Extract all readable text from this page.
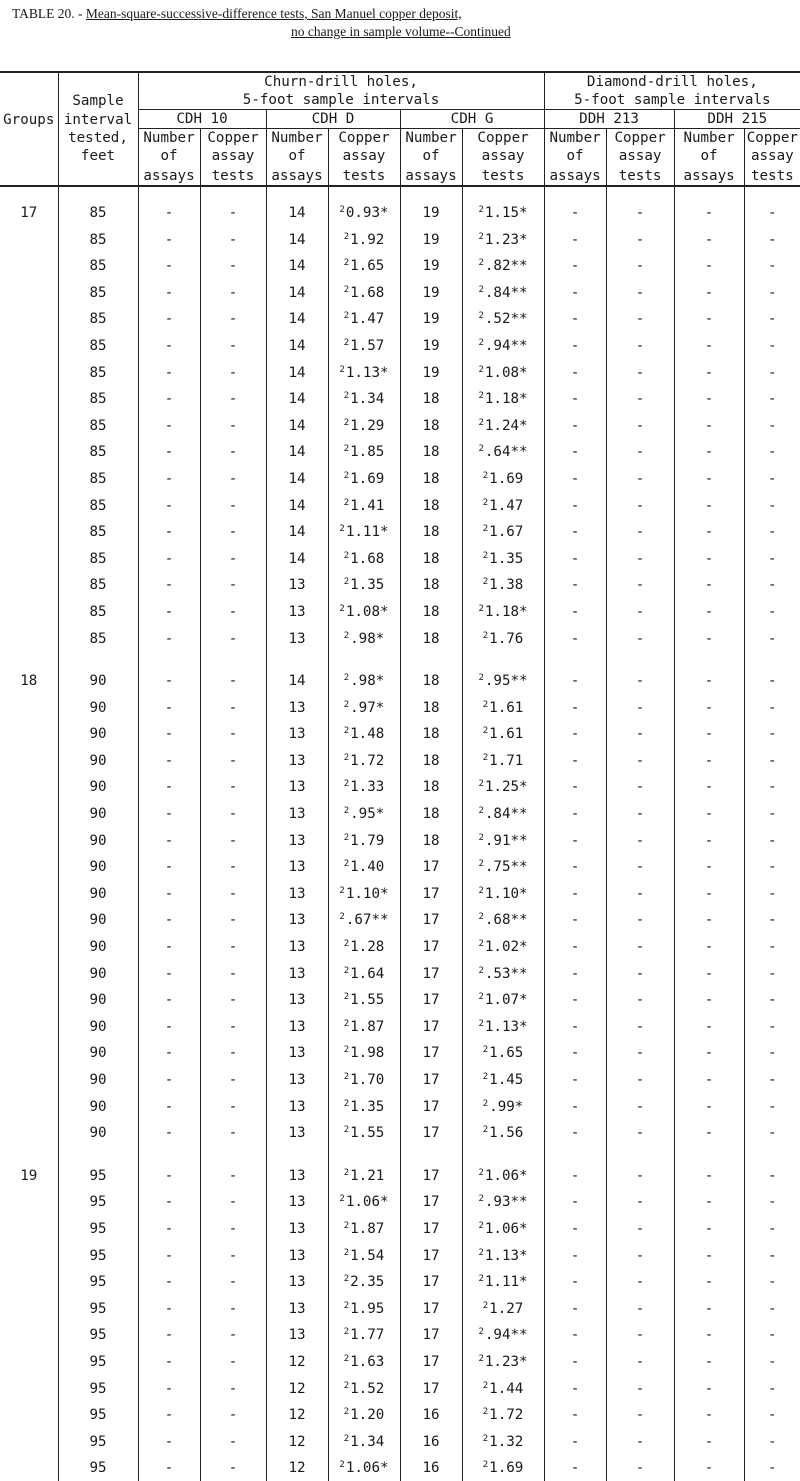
TABLE 20. - Mean-square-successive-difference tests, San Manuel copper deposit,
no change in sample volume--Continued
		Churn-drill holes,						Diamond-drill holes,			
	Sample	5-foot sample intervals						5-foot sample intervals			
Groups	interval	CDH 10		CDH D		CDH G		DDH 213		DDH 215	
	tested,	Number	Copper	Number	Copper	Number	Copper	Number	Copper	Number	Copper
	feet	of	assay	of	assay	of	assay	of	assay	of	assay
		assays	tests	assays	tests	assays	tests	assays	tests	assays	tests

17	85	-	-	14	$^2$0.93*	19	$^2$1.15*	-	-	-	-
	85	-	-	14	$^2$1.92	19	$^2$1.23*	-	-	-	-
	85	-	-	14	$^2$1.65	19	$^2$.82**	-	-	-	-
	85	-	-	14	$^2$1.68	19	$^2$.84**	-	-	-	-
	85	-	-	14	$^2$1.47	19	$^2$.52**	-	-	-	-
	85	-	-	14	$^2$1.57	19	$^2$.94**	-	-	-	-
	85	-	-	14	$^2$1.13*	19	$^2$1.08*	-	-	-	-
	85	-	-	14	$^2$1.34	18	$^2$1.18*	-	-	-	-
	85	-	-	14	$^2$1.29	18	$^2$1.24*	-	-	-	-
	85	-	-	14	$^2$1.85	18	$^2$.64**	-	-	-	-
	85	-	-	14	$^2$1.69	18	$^2$1.69	-	-	-	-
	85	-	-	14	$^2$1.41	18	$^2$1.47	-	-	-	-
	85	-	-	14	$^2$1.11*	18	$^2$1.67	-	-	-	-
	85	-	-	14	$^2$1.68	18	$^2$1.35	-	-	-	-
	85	-	-	13	$^2$1.35	18	$^2$1.38	-	-	-	-
	85	-	-	13	$^2$1.08*	18	$^2$1.18*	-	-	-	-
	85	-	-	13	$^2$.98*	18	$^2$1.76	-	-	-	-

18	90	-	-	14	$^2$.98*	18	$^2$.95**	-	-	-	-
	90	-	-	13	$^2$.97*	18	$^2$1.61	-	-	-	-
	90	-	-	13	$^2$1.48	18	$^2$1.61	-	-	-	-
	90	-	-	13	$^2$1.72	18	$^2$1.71	-	-	-	-
	90	-	-	13	$^2$1.33	18	$^2$1.25*	-	-	-	-
	90	-	-	13	$^2$.95*	18	$^2$.84**	-	-	-	-
	90	-	-	13	$^2$1.79	18	$^2$.91**	-	-	-	-
	90	-	-	13	$^2$1.40	17	$^2$.75**	-	-	-	-
	90	-	-	13	$^2$1.10*	17	$^2$1.10*	-	-	-	-
	90	-	-	13	$^2$.67**	17	$^2$.68**	-	-	-	-
	90	-	-	13	$^2$1.28	17	$^2$1.02*	-	-	-	-
	90	-	-	13	$^2$1.64	17	$^2$.53**	-	-	-	-
	90	-	-	13	$^2$1.55	17	$^2$1.07*	-	-	-	-
	90	-	-	13	$^2$1.87	17	$^2$1.13*	-	-	-	-
	90	-	-	13	$^2$1.98	17	$^2$1.65	-	-	-	-
	90	-	-	13	$^2$1.70	17	$^2$1.45	-	-	-	-
	90	-	-	13	$^2$1.35	17	$^2$.99*	-	-	-	-
	90	-	-	13	$^2$1.55	17	$^2$1.56	-	-	-	-

19	95	-	-	13	$^2$1.21	17	$^2$1.06*	-	-	-	-
	95	-	-	13	$^2$1.06*	17	$^2$.93**	-	-	-	-
	95	-	-	13	$^2$1.87	17	$^2$1.06*	-	-	-	-
	95	-	-	13	$^2$1.54	17	$^2$1.13*	-	-	-	-
	95	-	-	13	$^2$2.35	17	$^2$1.11*	-	-	-	-
	95	-	-	13	$^2$1.95	17	$^2$1.27	-	-	-	-
	95	-	-	13	$^2$1.77	17	$^2$.94**	-	-	-	-
	95	-	-	12	$^2$1.63	17	$^2$1.23*	-	-	-	-
	95	-	-	12	$^2$1.52	17	$^2$1.44	-	-	-	-
	95	-	-	12	$^2$1.20	16	$^2$1.72	-	-	-	-
	95	-	-	12	$^2$1.34	16	$^2$1.32	-	-	-	-
	95	-	-	12	$^2$1.06*	16	$^2$1.69	-	-	-	-
